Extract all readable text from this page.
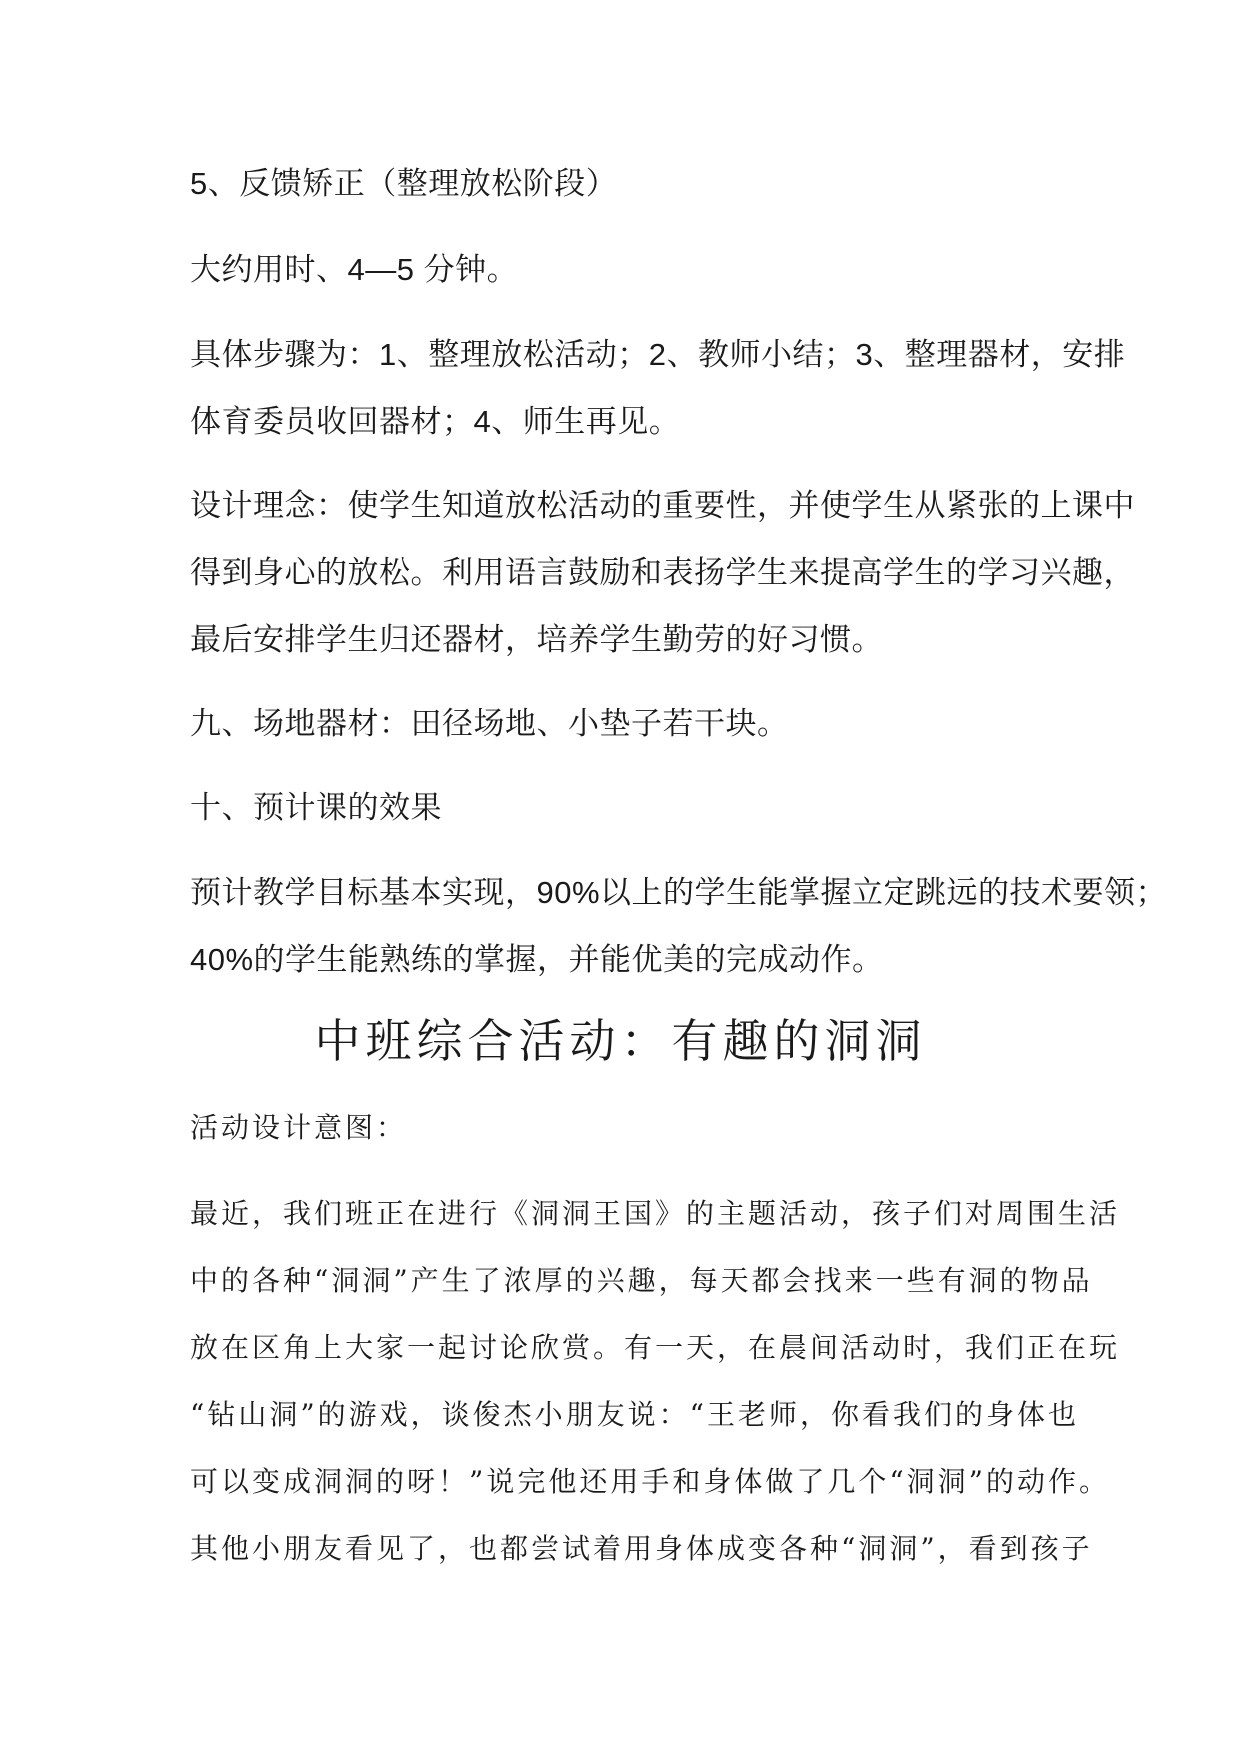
5、反馈矫正（整理放松阶段）

大约用时、4—5 分钟。

具体步骤为：1、整理放松活动；2、教师小结；3、整理器材，安排

体育委员收回器材；4、师生再见。

设计理念：使学生知道放松活动的重要性，并使学生从紧张的上课中

得到身心的放松。利用语言鼓励和表扬学生来提高学生的学习兴趣，

最后安排学生归还器材，培养学生勤劳的好习惯。

九、场地器材：田径场地、小垫子若干块。

十、预计课的效果

预计教学目标基本实现，90%以上的学生能掌握立定跳远的技术要领；

40%的学生能熟练的掌握，并能优美的完成动作。

中班综合活动：有趣的洞洞

活动设计意图：

最近，我们班正在进行《洞洞王国》的主题活动，孩子们对周围生活

中的各种“洞洞”产生了浓厚的兴趣，每天都会找来一些有洞的物品

放在区角上大家一起讨论欣赏。有一天，在晨间活动时，我们正在玩

“钻山洞”的游戏，谈俊杰小朋友说：“王老师，你看我们的身体也

可以变成洞洞的呀！”说完他还用手和身体做了几个“洞洞”的动作。

其他小朋友看见了，也都尝试着用身体成变各种“洞洞”，看到孩子
